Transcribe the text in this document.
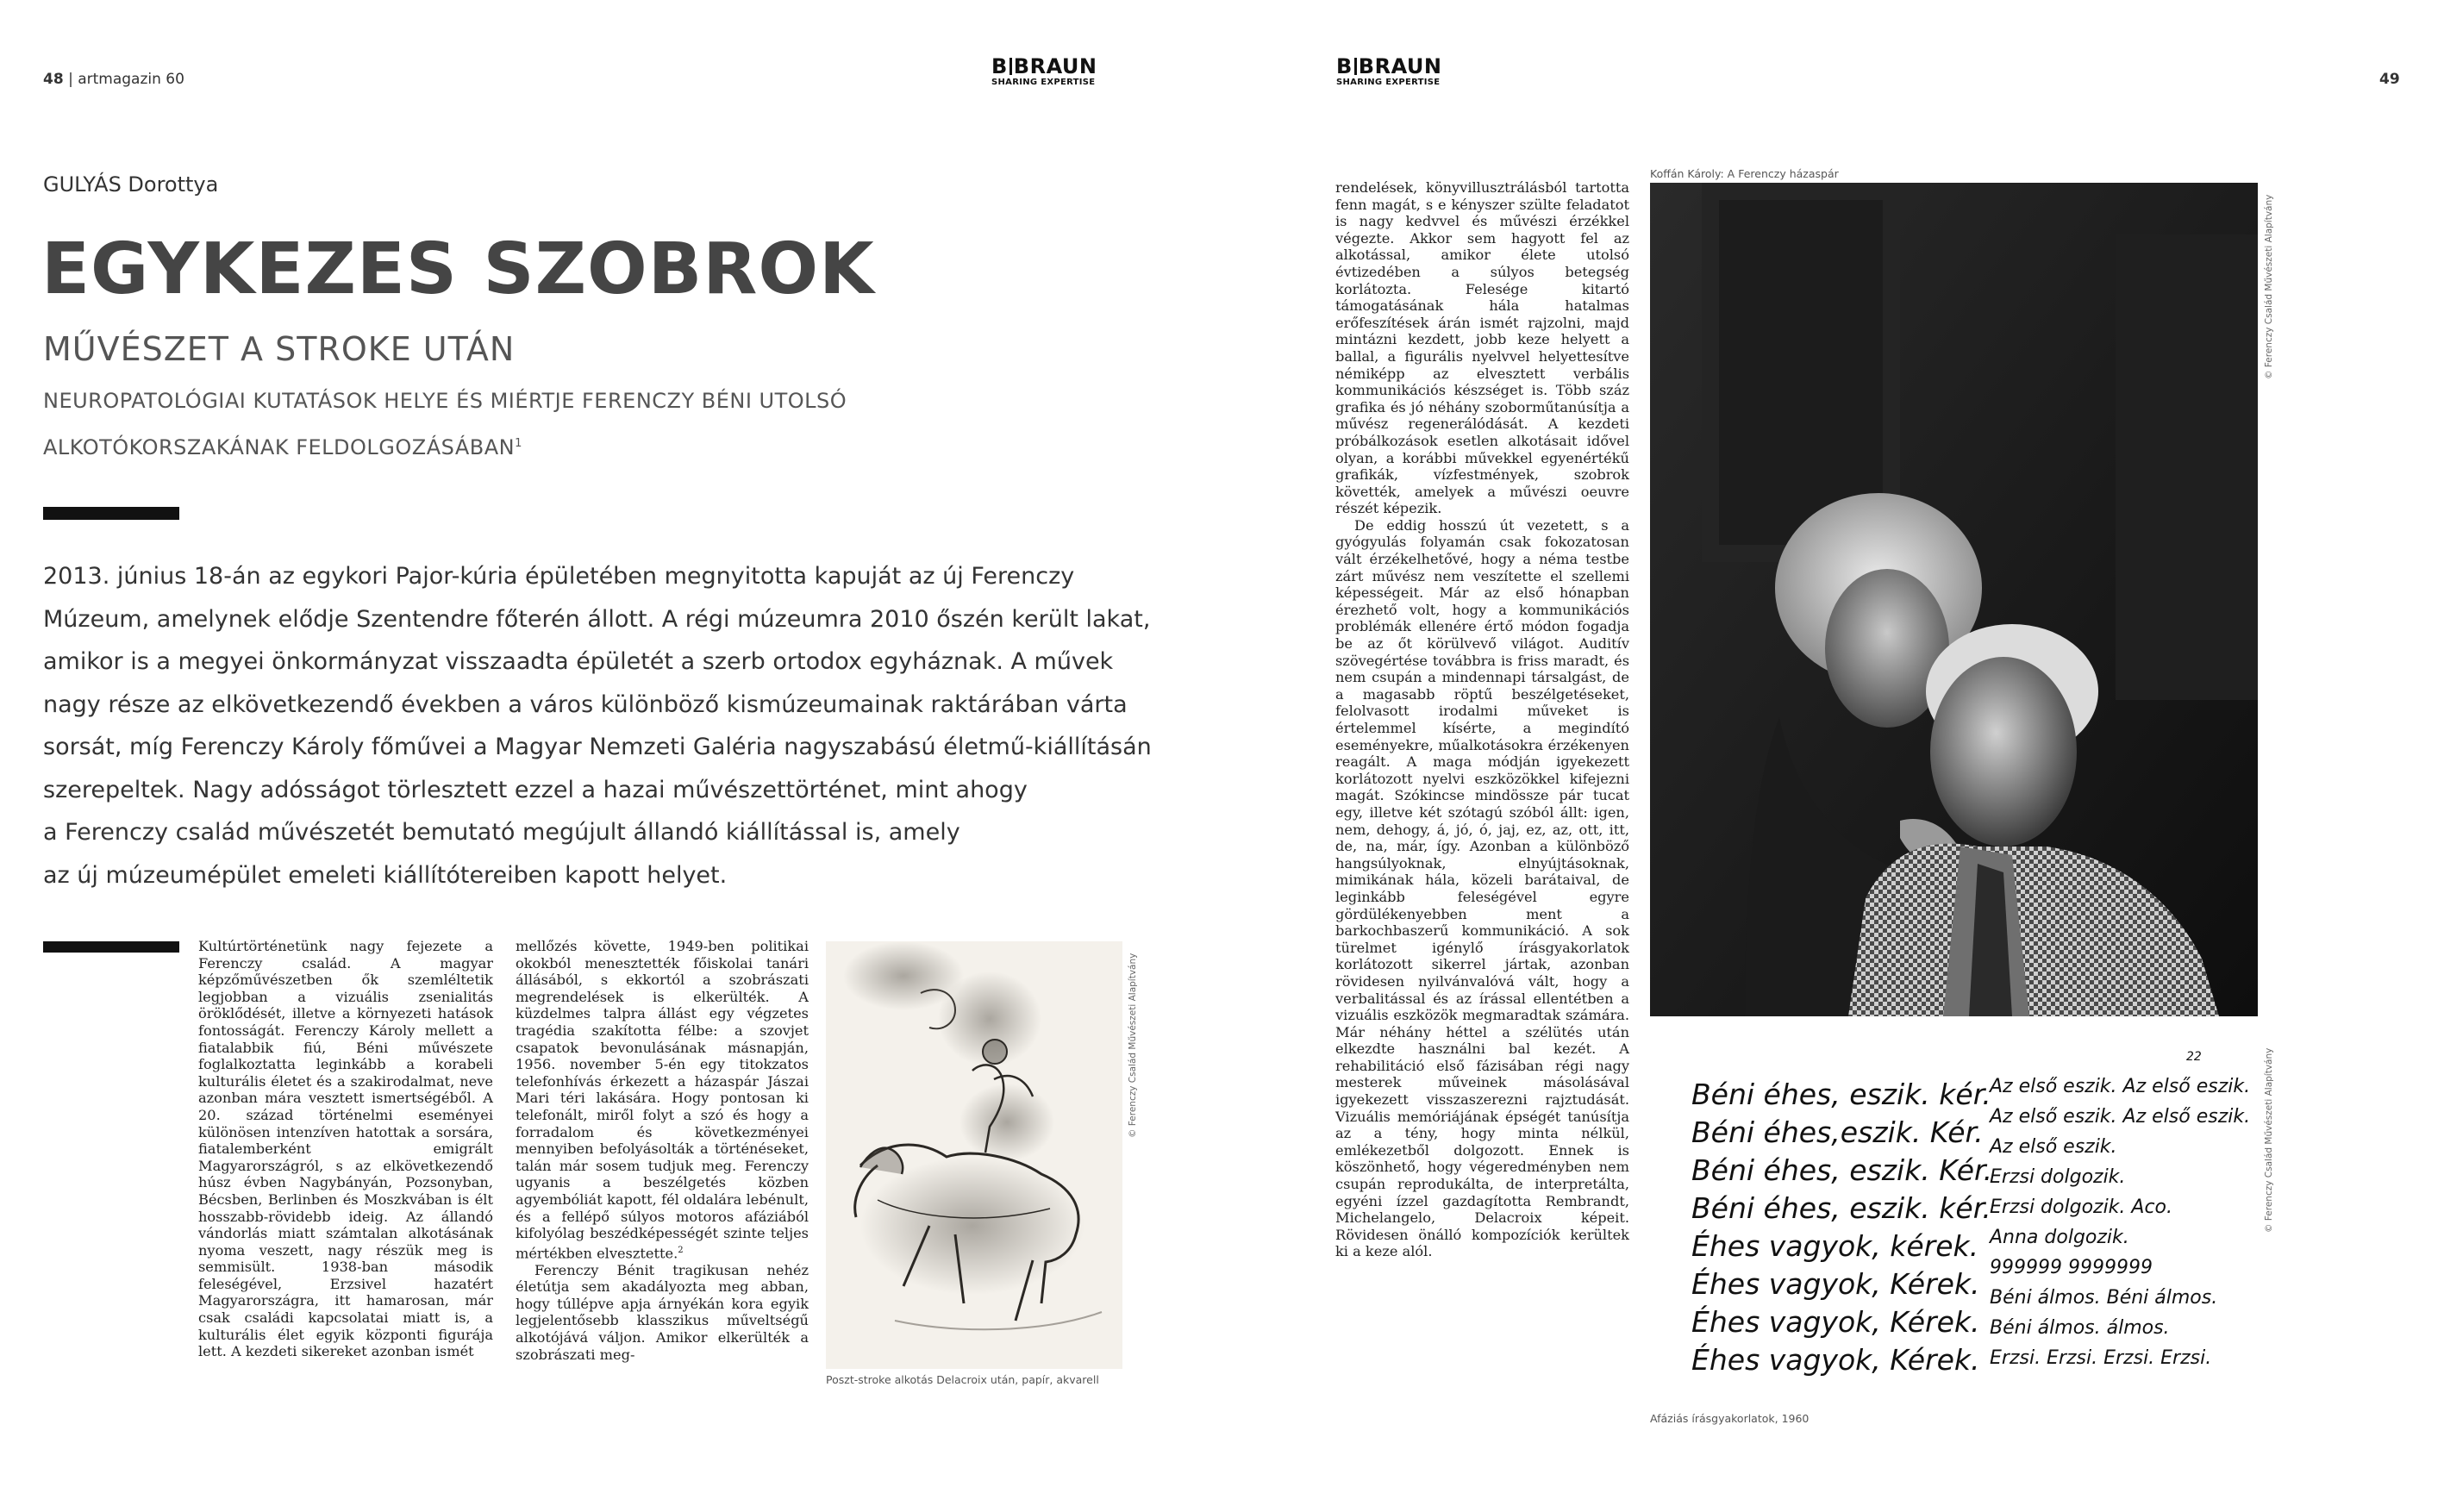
48 | artmagazin 60	49
B BRAUN
SHARING EXPERTISE
B BRAUN
SHARING EXPERTISE
GULYÁS Dorottya
EGYKEZES SZOBROK
MŰVÉSZET A STROKE UTÁN
NEUROPATOLÓGIAI KUTATÁSOK HELYE ÉS MIÉRTJE FERENCZY BÉNI UTOLSÓ
ALKOTÓKORSZAKÁNAK FELDOLGOZÁSÁBAN$^1$
2013. június 18-án az egykori Pajor-kúria épületében megnyitotta kapuját az új Ferenczy
Múzeum, amelynek elődje Szentendre főterén állott. A régi múzeumra 2010 őszén került lakat,
amikor is a megyei önkormányzat visszaadta épületét a szerb ortodox egyháznak. A művek
nagy része az elkövetkezendő években a város különböző kismúzeumainak raktárában várta
sorsát, míg Ferenczy Károly főművei a Magyar Nemzeti Galéria nagyszabású életmű-kiállításán
szerepeltek. Nagy adósságot törlesztett ezzel a hazai művészettörténet, mint ahogy
a Ferenczy család művészetét bemutató megújult állandó kiállítással is, amely
az új múzeumépület emeleti kiállítótereiben kapott helyet.

Kultúrtörténetünk nagy fejezete a Ferenczy család. A magyar képzőművészetben ők szemléltetik legjobban a vizuális zsenialitás öröklődését, illetve a környezeti hatások fontosságát. Ferenczy Károly mellett a fiatalabbik fiú, Béni művészete foglalkoztatta leginkább a korabeli kulturális életet és a szakirodalmat, neve azonban mára vesztett ismertségéből. A 20. század történelmi eseményei különösen intenzíven hatottak a sorsára, fiatalemberként emigrált Magyarországról, s az elkövetkezendő húsz évben Nagybányán, Pozsonyban, Bécsben, Berlinben és Moszkvában is élt hosszabb-rövidebb ideig. Az állandó vándorlás miatt számtalan alkotásának nyoma veszett, nagy részük meg is semmisült. 1938-ban második feleségével, Erzsivel hazatért Magyarországra, itt hamarosan, már csak családi kapcsolatai miatt is, a kulturális élet egyik központi figurája lett. A kezdeti sikereket azonban ismét

mellőzés követte, 1949-ben politikai okokból menesztették főiskolai tanári állásából, s ekkortól a szobrászati megrendelések is elkerülték. A küzdelmes talpra állást egy végzetes tragédia szakította félbe: a szovjet csapatok bevonulásának másnapján, 1956. november 5-én egy titokzatos telefonhívás érkezett a házaspár Jászai Mari téri lakására. Hogy pontosan ki telefonált, miről folyt a szó és hogy a forradalom és következményei mennyiben befolyásolták a történéseket, talán már sosem tudjuk meg. Ferenczy ugyanis a beszélgetés közben agyembóliát kapott, fél oldalára lebénult, és a fellépő súlyos motoros afáziából kifolyólag beszédképességét szinte teljes mértékben elvesztette.$^2$

Ferenczy Bénit tragikusan nehéz életútja sem akadályozta meg abban, hogy túllépve apja árnyékán kora egyik legjelentősebb klasszikus műveltségű alkotójává váljon. Amikor elkerülték a szobrászati meg-

© Ferenczy Család Művészeti Alapítvány
Poszt-stroke alkotás Delacroix után, papír, akvarell

rendelések, könyvillusztrálásból tartotta fenn magát, s e kényszer szülte feladatot is nagy kedvvel és művészi érzékkel végezte. Akkor sem hagyott fel az alkotással, amikor élete utolsó évtizedében a súlyos betegség korlátozta. Felesége kitartó támogatásának hála hatalmas erőfeszítések árán ismét rajzolni, majd mintázni kezdett, jobb keze helyett a ballal, a figurális nyelvvel helyettesítve némiképp az elvesztett verbális kommunikációs készséget is. Több száz grafika és jó néhány szoborműtanúsítja a művész regenerálódását. A kezdeti próbálkozások esetlen alkotásait idővel olyan, a korábbi művekkel egyenértékű grafikák, vízfestmények, szobrok követték, amelyek a művészi oeuvre részét képezik.

De eddig hosszú út vezetett, s a gyógyulás folyamán csak fokozatosan vált érzékelhetővé, hogy a néma testbe zárt művész nem veszítette el szellemi képességeit. Már az első hónapban érezhető volt, hogy a kommunikációs problémák ellenére értő módon fogadja be az őt körülvevő világot. Auditív szövegértése továbbra is friss maradt, és nem csupán a mindennapi társalgást, de a magasabb röptű beszélgetéseket, felolvasott irodalmi műveket is értelemmel kísérte, a megindító eseményekre, műalkotásokra érzékenyen reagált. A maga módján igyekezett korlátozott nyelvi eszközökkel kifejezni magát. Szókincse mindössze pár tucat egy, illetve két szótagú szóból állt: igen, nem, dehogy, á, jó, ó, jaj, ez, az, ott, itt, de, na, már, így. Azonban a különböző hangsúlyoknak, elnyújtásoknak, mimikának hála, közeli barátaival, de leginkább feleségével egyre gördülékenyebben ment a barkochbaszerű kommunikáció. A sok türelmet igénylő írásgyakorlatok korlátozott sikerrel jártak, azonban rövidesen nyilvánvalóvá vált, hogy a verbalitással és az írással ellentétben a vizuális eszközök megmaradtak számára. Már néhány héttel a szélütés után elkezdte használni bal kezét. A rehabilitáció első fázisában régi nagy mesterek műveinek másolásával igyekezett visszaszerezni rajztudását. Vizuális memóriájának épségét tanúsítja az a tény, hogy minta nélkül, emlékezetből dolgozott. Ennek is köszönhető, hogy végeredményben nem csupán reprodukálta, de interpretálta, egyéni ízzel gazdagította Rembrandt, Michelangelo, Delacroix képeit. Rövidesen önálló kompozíciók kerültek ki a keze alól.

Koffán Károly: A Ferenczy házaspár
© Ferenczy Család Művészeti Alapítvány
Béni éhes, eszik. kér.
Béni éhes,eszik. Kér.
Béni éhes, eszik. Kér.
Béni éhes, eszik. kér.
Éhes vagyok, kérek.
Éhes vagyok, Kérek.
Éhes vagyok, Kérek.
Éhes vagyok, Kérek.
Az első eszik. Az első eszik.
Az első eszik. Az első eszik.
Az első eszik.
Erzsi dolgozik.
Erzsi dolgozik. Aco.
Anna dolgozik.
999999 9999999
Béni álmos. Béni álmos.
Béni álmos. álmos.
Erzsi. Erzsi. Erzsi. Erzsi.
22	© Ferenczy Család Művészeti Alapítvány
Afáziás írásgyakorlatok, 1960
